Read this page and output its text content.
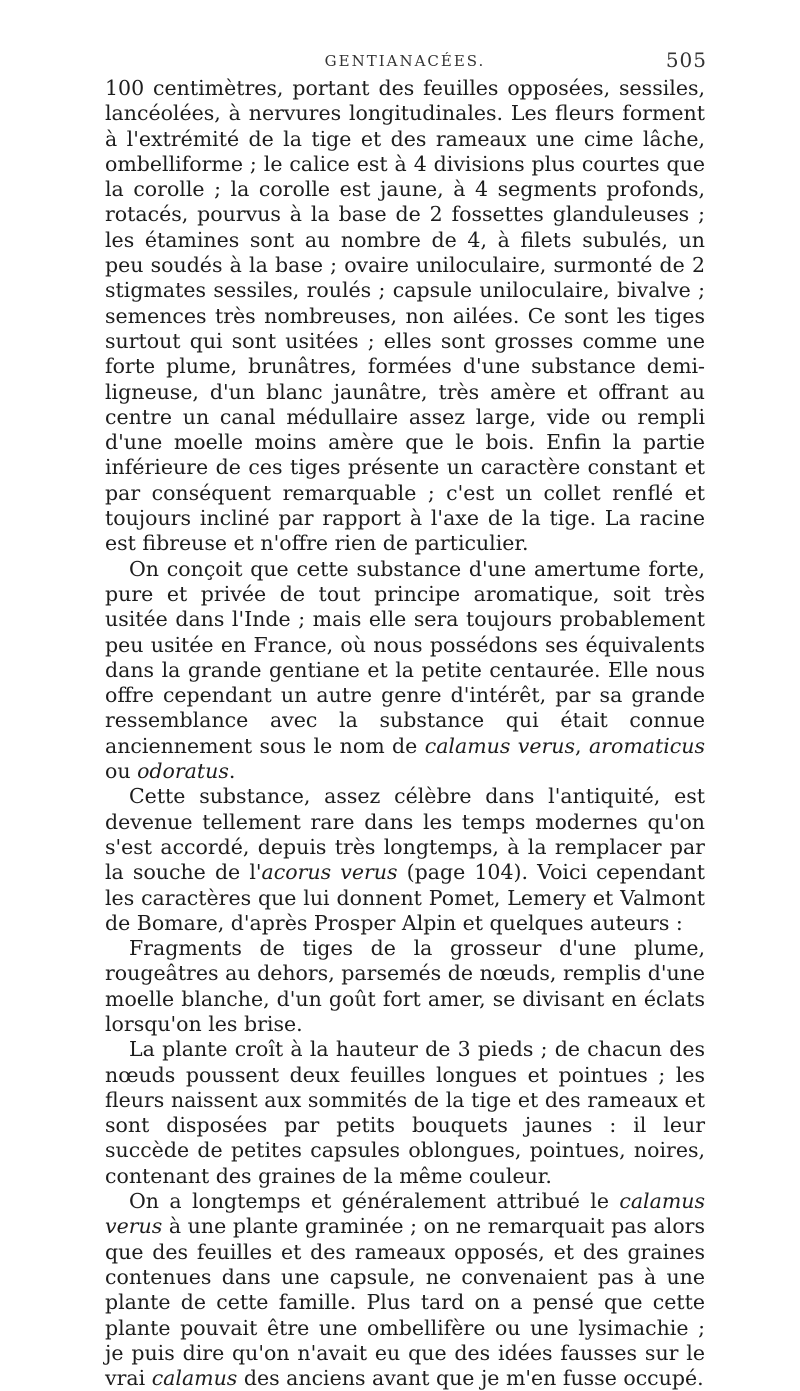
GENTIANACÉES.	505

100 centimètres, portant des feuilles opposées, sessiles, lancéolées, à nervures longitudinales. Les fleurs forment à l'extrémité de la tige et des rameaux une cime lâche, ombelliforme ; le calice est à 4 divisions plus courtes que la corolle ; la corolle est jaune, à 4 segments profonds, rotacés, pourvus à la base de 2 fossettes glanduleuses ; les étamines sont au nombre de 4, à filets subulés, un peu soudés à la base ; ovaire uniloculaire, surmonté de 2 stigmates sessiles, roulés ; capsule uniloculaire, bivalve ; semences très nombreuses, non ailées. Ce sont les tiges surtout qui sont usitées ; elles sont grosses comme une forte plume, brunâtres, formées d'une substance demi-ligneuse, d'un blanc jaunâtre, très amère et offrant au centre un canal médullaire assez large, vide ou rempli d'une moelle moins amère que le bois. Enfin la partie inférieure de ces tiges présente un caractère constant et par conséquent remarquable ; c'est un collet renflé et toujours incliné par rapport à l'axe de la tige. La racine est fibreuse et n'offre rien de particulier.

On conçoit que cette substance d'une amertume forte, pure et privée de tout principe aromatique, soit très usitée dans l'Inde ; mais elle sera toujours probablement peu usitée en France, où nous possédons ses équivalents dans la grande gentiane et la petite centaurée. Elle nous offre cependant un autre genre d'intérêt, par sa grande ressemblance avec la substance qui était connue anciennement sous le nom de calamus verus, aromaticus ou odoratus.

Cette substance, assez célèbre dans l'antiquité, est devenue tellement rare dans les temps modernes qu'on s'est accordé, depuis très longtemps, à la remplacer par la souche de l'acorus verus (page 104). Voici cependant les caractères que lui donnent Pomet, Lemery et Valmont de Bomare, d'après Prosper Alpin et quelques auteurs :

Fragments de tiges de la grosseur d'une plume, rougeâtres au dehors, parsemés de nœuds, remplis d'une moelle blanche, d'un goût fort amer, se divisant en éclats lorsqu'on les brise.

La plante croît à la hauteur de 3 pieds ; de chacun des nœuds poussent deux feuilles longues et pointues ; les fleurs naissent aux sommités de la tige et des rameaux et sont disposées par petits bouquets jaunes : il leur succède de petites capsules oblongues, pointues, noires, contenant des graines de la même couleur.

On a longtemps et généralement attribué le calamus verus à une plante graminée ; on ne remarquait pas alors que des feuilles et des rameaux opposés, et des graines contenues dans une capsule, ne convenaient pas à une plante de cette famille. Plus tard on a pensé que cette plante pouvait être une ombellifère ou une lysimachie ; je puis dire qu'on n'avait eu que des idées fausses sur le vrai calamus des anciens avant que je m'en fusse occupé.
